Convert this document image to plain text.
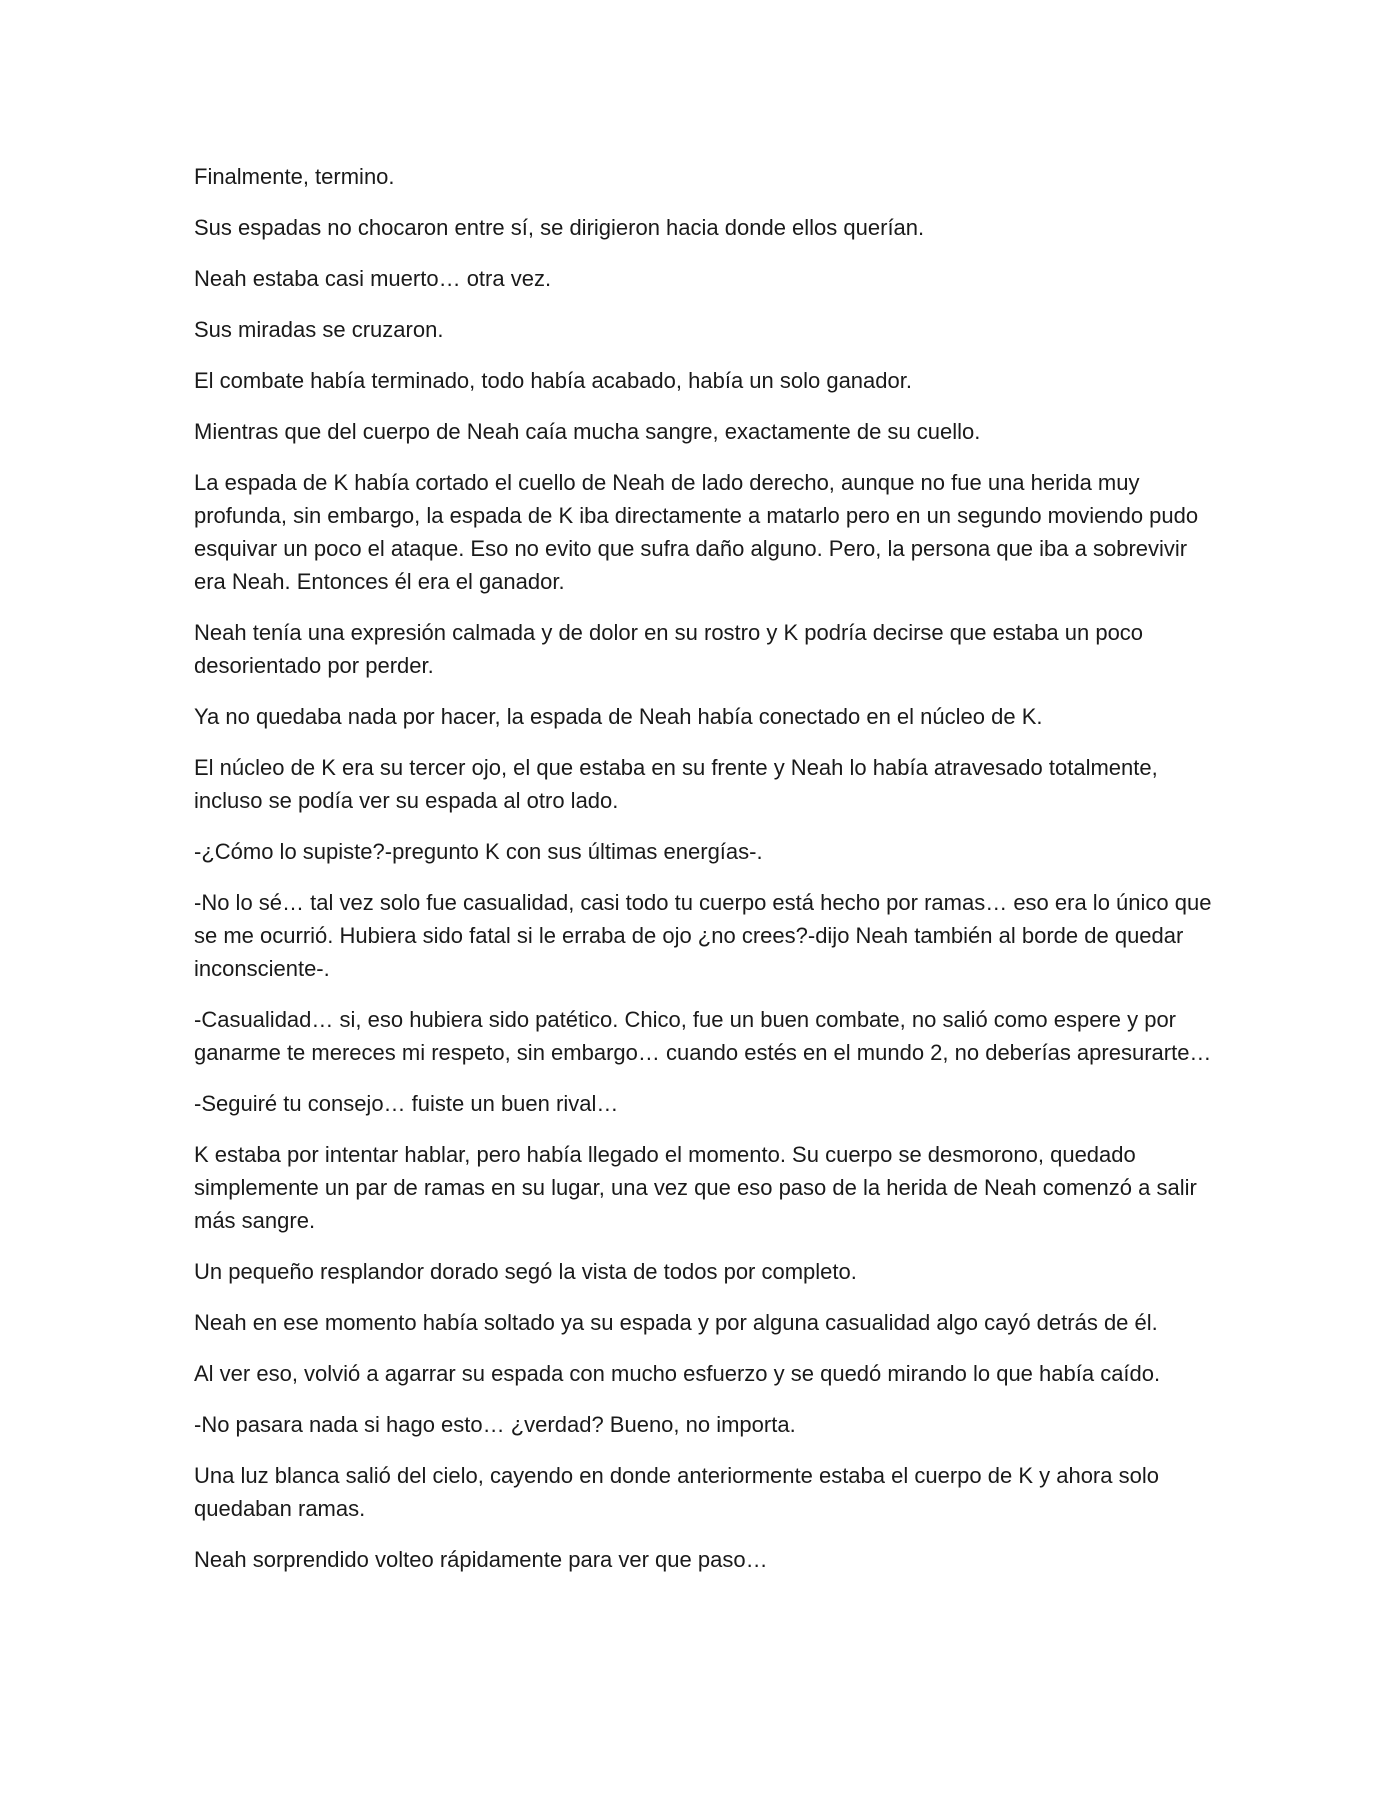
Finalmente, termino.

Sus espadas no chocaron entre sí, se dirigieron hacia donde ellos querían.

Neah estaba casi muerto… otra vez.

Sus miradas se cruzaron.

El combate había terminado, todo había acabado, había un solo ganador.

Mientras que del cuerpo de Neah caía mucha sangre, exactamente de su cuello.

La espada de K había cortado el cuello de Neah de lado derecho, aunque no fue una herida muy profunda, sin embargo, la espada de K iba directamente a matarlo pero en un segundo moviendo pudo esquivar un poco el ataque. Eso no evito que sufra daño alguno. Pero, la persona que iba a sobrevivir era Neah. Entonces él era el ganador.

Neah tenía una expresión calmada y de dolor en su rostro y K podría decirse que estaba un poco desorientado por perder.

Ya no quedaba nada por hacer, la espada de Neah había conectado en el núcleo de K.

El núcleo de K era su tercer ojo, el que estaba en su frente y Neah lo había atravesado totalmente, incluso se podía ver su espada al otro lado.

-¿Cómo lo supiste?-pregunto K con sus últimas energías-.

-No lo sé… tal vez solo fue casualidad, casi todo tu cuerpo está hecho por ramas… eso era lo único que se me ocurrió. Hubiera sido fatal si le erraba de ojo ¿no crees?-dijo Neah también al borde de quedar inconsciente-.

-Casualidad… si, eso hubiera sido patético. Chico, fue un buen combate, no salió como espere y por ganarme te mereces mi respeto, sin embargo… cuando estés en el mundo 2, no deberías apresurarte…

-Seguiré tu consejo… fuiste un buen rival…

K estaba por intentar hablar, pero había llegado el momento. Su cuerpo se desmorono, quedado simplemente un par de ramas en su lugar, una vez que eso paso de la herida de Neah comenzó a salir más sangre.

Un pequeño resplandor dorado segó la vista de todos por completo.

Neah en ese momento había soltado ya su espada y por alguna casualidad algo cayó detrás de él.

Al ver eso, volvió a agarrar su espada con mucho esfuerzo y se quedó mirando lo que había caído.

-No pasara nada si hago esto… ¿verdad? Bueno, no importa.

Una luz blanca salió del cielo, cayendo en donde anteriormente estaba el cuerpo de K y ahora solo quedaban ramas.

Neah sorprendido volteo rápidamente para ver que paso…
